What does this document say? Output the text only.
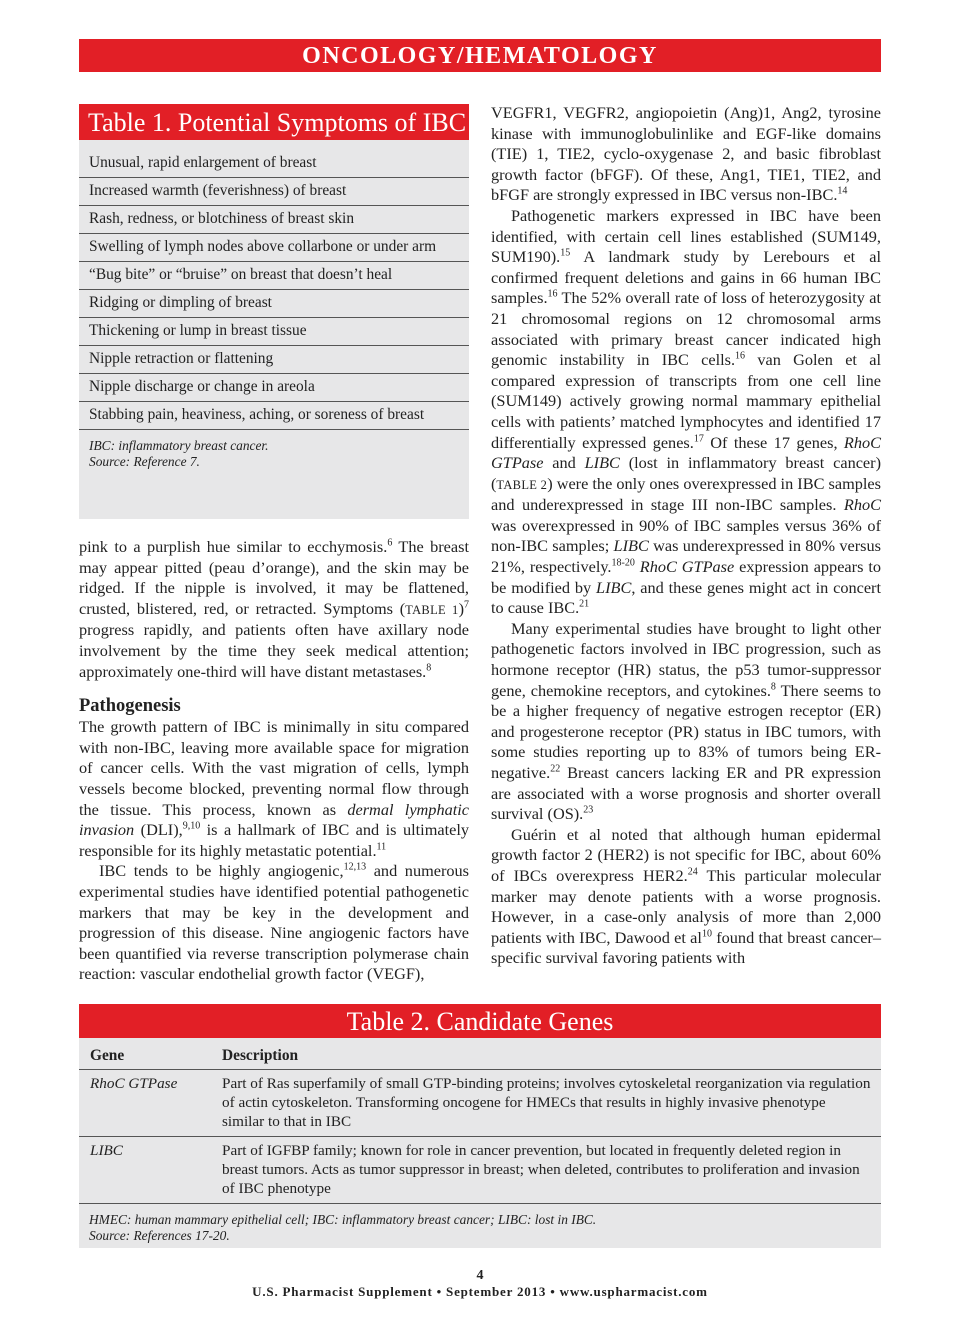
ONCOLOGY/HEMATOLOGY
Table 1. Potential Symptoms of IBC
Unusual, rapid enlargement of breast
Increased warmth (feverishness) of breast
Rash, redness, or blotchiness of breast skin
Swelling of lymph nodes above collarbone or under arm
“Bug bite” or “bruise” on breast that doesn’t heal
Ridging or dimpling of breast
Thickening or lump in breast tissue
Nipple retraction or flattening
Nipple discharge or change in areola
Stabbing pain, heaviness, aching, or soreness of breast
IBC: inflammatory breast cancer.
Source: Reference 7.

pink to a purplish hue similar to ecchymosis.$^6$ The breast may appear pitted (peau d’orange), and the skin may be ridged. If the nipple is involved, it may be flattened, crusted, blistered, red, or retracted. Symptoms (TABLE 1)$^7$ progress rapidly, and patients often have axillary node involvement by the time they seek medical attention; approximately one-third will have distant metastases.$^8$

Pathogenesis

The growth pattern of IBC is minimally in situ compared with non-IBC, leaving more available space for migration of cancer cells. With the vast migration of cells, lymph vessels become blocked, preventing normal flow through the tissue. This process, known as dermal lymphatic invasion (DLI),$^{9,10}$ is a hallmark of IBC and is ultimately responsible for its highly metastatic potential.$^{11}$

IBC tends to be highly angiogenic,$^{12,13}$ and numerous experimental studies have identified potential pathogenetic markers that may be key in the development and progression of this disease. Nine angiogenic factors have been quantified via reverse transcription polymerase chain reaction: vascular endothelial growth factor (VEGF),

VEGFR1, VEGFR2, angiopoietin (Ang)1, Ang2, tyrosine kinase with immunoglobulinlike and EGF-like domains (TIE) 1, TIE2, cyclo-oxygenase 2, and basic fibroblast growth factor (bFGF). Of these, Ang1, TIE1, TIE2, and bFGF are strongly expressed in IBC versus non-IBC.$^{14}$

Pathogenetic markers expressed in IBC have been identified, with certain cell lines established (SUM149, SUM190).$^{15}$ A landmark study by Lerebours et al confirmed frequent deletions and gains in 66 human IBC samples.$^{16}$ The 52% overall rate of loss of heterozygosity at 21 chromosomal regions on 12 chromosomal arms associated with primary breast cancer indicated high genomic instability in IBC cells.$^{16}$ van Golen et al compared expression of transcripts from one cell line (SUM149) actively growing normal mammary epithelial cells with patients’ matched lymphocytes and identified 17 differentially expressed genes.$^{17}$ Of these 17 genes, RhoC GTPase and LIBC (lost in inflammatory breast cancer) (TABLE 2) were the only ones overexpressed in IBC samples and underexpressed in stage III non-IBC samples. RhoC was overexpressed in 90% of IBC samples versus 36% of non-IBC samples; LIBC was underexpressed in 80% versus 21%, respectively.$^{18-20}$ RhoC GTPase expression appears to be modified by LIBC, and these genes might act in concert to cause IBC.$^{21}$

Many experimental studies have brought to light other pathogenetic factors involved in IBC progression, such as hormone receptor (HR) status, the p53 tumor-suppressor gene, chemokine receptors, and cytokines.$^8$ There seems to be a higher frequency of negative estrogen receptor (ER) and progesterone receptor (PR) status in IBC tumors, with some studies reporting up to 83% of tumors being ER-negative.$^{22}$ Breast cancers lacking ER and PR expression are associated with a worse prognosis and shorter overall survival (OS).$^{23}$

Guérin et al noted that although human epidermal growth factor 2 (HER2) is not specific for IBC, about 60% of IBCs overexpress HER2.24 This particular molecular marker may denote patients with a worse prognosis. However, in a case-only analysis of more than 2,000 patients with IBC, Dawood et $al^{10}$ found that breast cancer–specific survival favoring patients with

Table 2. Candidate Genes
Gene	Description
RhoC GTPase	Part of Ras superfamily of small GTP-binding proteins; involves cytoskeletal reorganization via regulation of actin cytoskeleton. Transforming oncogene for HMECs that results in highly invasive phenotype similar to that in IBC
LIBC	Part of IGFBP family; known for role in cancer prevention, but located in frequently deleted region in breast tumors. Acts as tumor suppressor in breast; when deleted, contributes to proliferation and invasion of IBC phenotype
HMEC: human mammary epithelial cell; IBC: inflammatory breast cancer; LIBC: lost in IBC.
Source: References 17-20.
4
U.S. Pharmacist Supplement • September 2013 • www.uspharmacist.com
